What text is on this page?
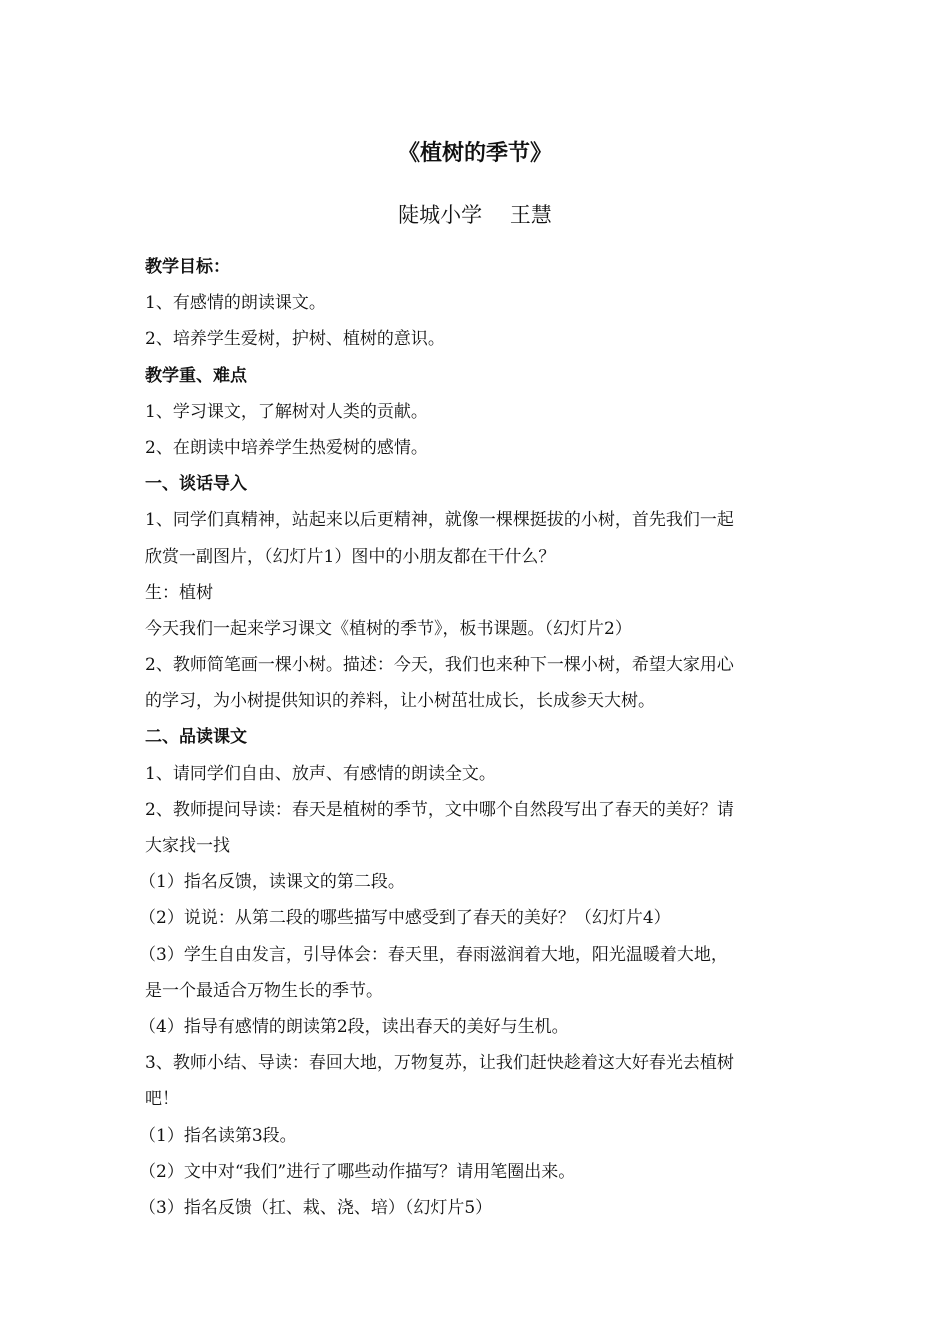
《植树的季节》
陡城小学　 王慧
教学目标：
1、有感情的朗读课文。
2、培养学生爱树，护树、植树的意识。
教学重、难点
1、学习课文，了解树对人类的贡献。
2、在朗读中培养学生热爱树的感情。
一、谈话导入
1、同学们真精神，站起来以后更精神，就像一棵棵挺拔的小树，首先我们一起
欣赏一副图片，（幻灯片1）图中的小朋友都在干什么？
生：植树
今天我们一起来学习课文《植树的季节》，板书课题。（幻灯片2）
2、教师简笔画一棵小树。描述：今天，我们也来种下一棵小树，希望大家用心
的学习，为小树提供知识的养料，让小树茁壮成长，长成参天大树。
二、品读课文
1、请同学们自由、放声、有感情的朗读全文。
2、教师提问导读：春天是植树的季节，文中哪个自然段写出了春天的美好？请
大家找一找
（1）指名反馈，读课文的第二段。
（2）说说：从第二段的哪些描写中感受到了春天的美好？（幻灯片4）
（3）学生自由发言，引导体会：春天里，春雨滋润着大地，阳光温暖着大地，
是一个最适合万物生长的季节。
（4）指导有感情的朗读第2段，读出春天的美好与生机。
3、教师小结、导读：春回大地，万物复苏，让我们赶快趁着这大好春光去植树
吧！
（1）指名读第3段。
（2）文中对“我们”进行了哪些动作描写？请用笔圈出来。
（3）指名反馈（扛、栽、浇、培）（幻灯片5）
